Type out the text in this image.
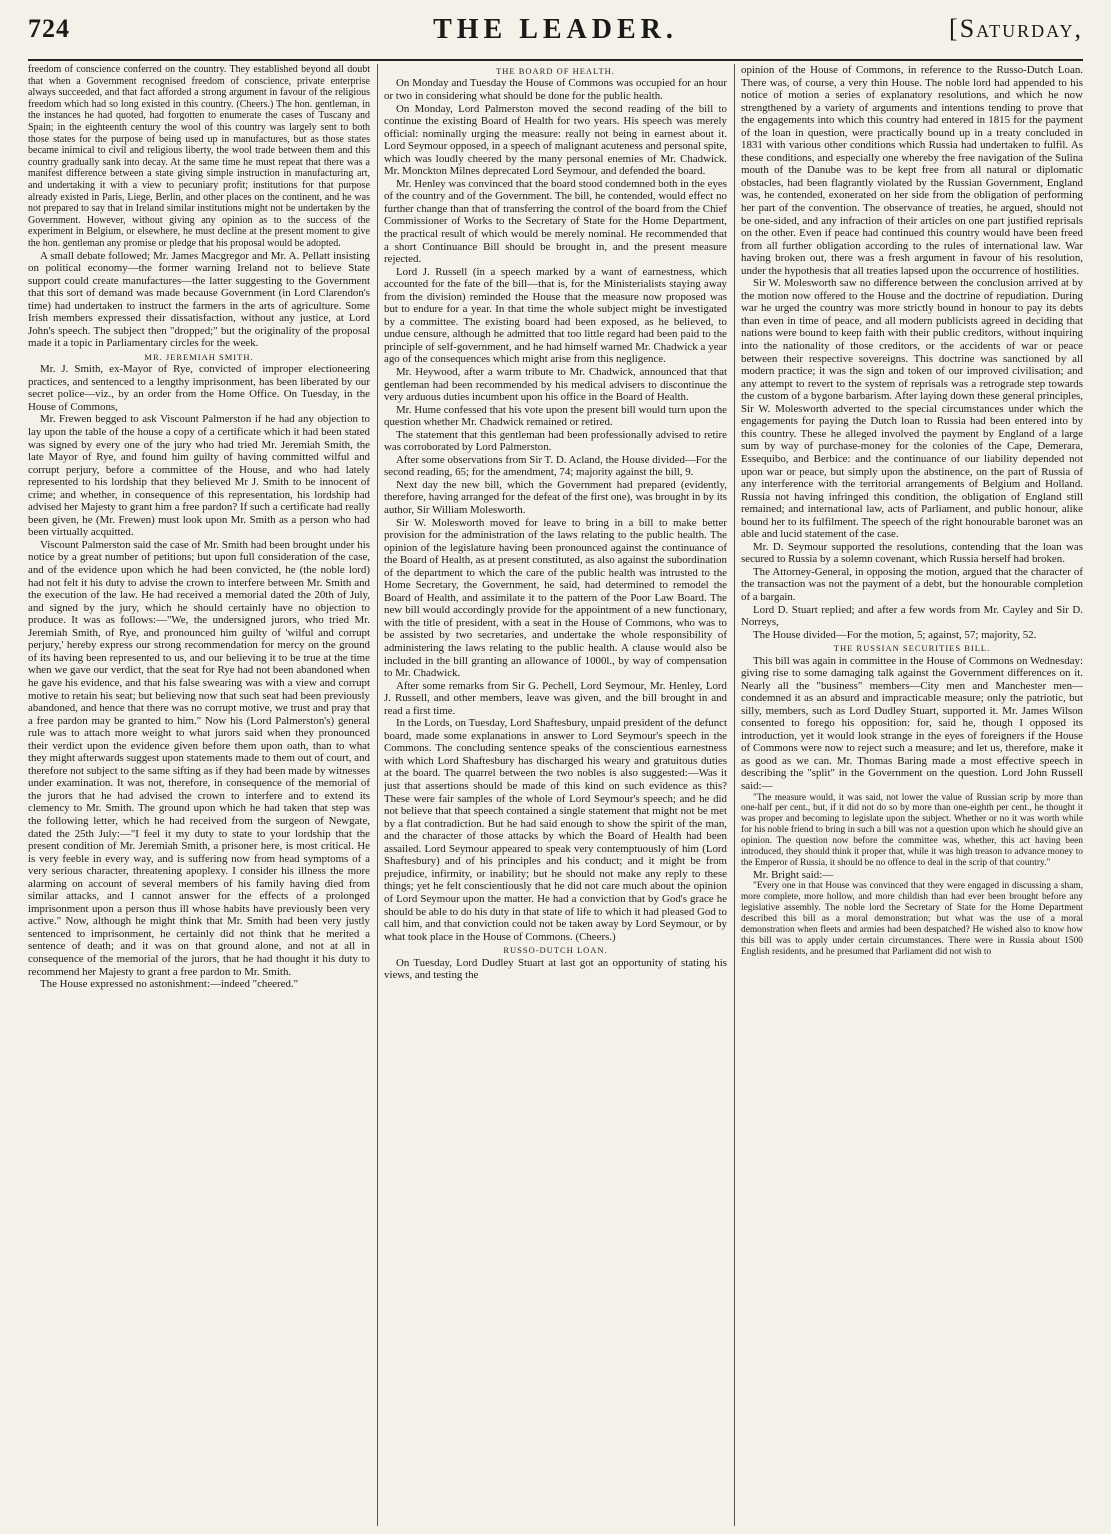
724	THE LEADER.	[Saturday,

freedom of conscience conferred on the country. They established beyond all doubt that when a Government recognised freedom of conscience, private enterprise always succeeded, and that fact afforded a strong argument in favour of the religious freedom which had so long existed in this country. (Cheers.) The hon. gentleman, in the instances he had quoted, had forgotten to enumerate the cases of Tuscany and Spain; in the eighteenth century the wool of this country was largely sent to both those states for the purpose of being used up in manufactures, but as those states became inimical to civil and religious liberty, the wool trade between them and this country gradually sank into decay. At the same time he must repeat that there was a manifest difference between a state giving simple instruction in manufacturing art, and undertaking it with a view to pecuniary profit; institutions for that purpose already existed in Paris, Liege, Berlin, and other places on the continent, and he was not prepared to say that in Ireland similar institutions might not be undertaken by the Government. However, without giving any opinion as to the success of the experiment in Belgium, or elsewhere, he must decline at the present moment to give the hon. gentleman any promise or pledge that his proposal would be adopted.

A small debate followed; Mr. James Macgregor and Mr. A. Pellatt insisting on political economy—the former warning Ireland not to believe State support could create manufactures—the latter suggesting to the Government that this sort of demand was made because Government (in Lord Clarendon's time) had undertaken to instruct the farmers in the arts of agriculture. Some Irish members expressed their dissatisfaction, without any justice, at Lord John's speech. The subject then "dropped;" but the originality of the proposal made it a topic in Parliamentary circles for the week.

MR. JEREMIAH SMITH.

Mr. J. Smith, ex-Mayor of Rye, convicted of improper electioneering practices, and sentenced to a lengthy imprisonment, has been liberated by our secret police—viz., by an order from the Home Office. On Tuesday, in the House of Commons,

Mr. Frewen begged to ask Viscount Palmerston if he had any objection to lay upon the table of the house a copy of a certificate which it had been stated was signed by every one of the jury who had tried Mr. Jeremiah Smith, the late Mayor of Rye, and found him guilty of having committed wilful and corrupt perjury, before a committee of the House, and who had lately represented to his lordship that they believed Mr J. Smith to be innocent of crime; and whether, in consequence of this representation, his lordship had advised her Majesty to grant him a free pardon? If such a certificate had really been given, he (Mr. Frewen) must look upon Mr. Smith as a person who had been virtually acquitted.

Viscount Palmerston said the case of Mr. Smith had been brought under his notice by a great number of petitions; but upon full consideration of the case, and of the evidence upon which he had been convicted, he (the noble lord) had not felt it his duty to advise the crown to interfere between Mr. Smith and the execution of the law. He had received a memorial dated the 20th of July, and signed by the jury, which he should certainly have no objection to produce. It was as follows:—"We, the undersigned jurors, who tried Mr. Jeremiah Smith, of Rye, and pronounced him guilty of 'wilful and corrupt perjury,' hereby express our strong recommendation for mercy on the ground of its having been represented to us, and our believing it to be true at the time when we gave our verdict, that the seat for Rye had not been abandoned when he gave his evidence, and that his false swearing was with a view and corrupt motive to retain his seat; but believing now that such seat had been previously abandoned, and hence that there was no corrupt motive, we trust and pray that a free pardon may be granted to him." Now his (Lord Palmerston's) general rule was to attach more weight to what jurors said when they pronounced their verdict upon the evidence given before them upon oath, than to what they might afterwards suggest upon statements made to them out of court, and therefore not subject to the same sifting as if they had been made by witnesses under examination. It was not, therefore, in consequence of the memorial of the jurors that he had advised the crown to interfere and to extend its clemency to Mr. Smith. The ground upon which he had taken that step was the following letter, which he had received from the surgeon of Newgate, dated the 25th July:—"I feel it my duty to state to your lordship that the present condition of Mr. Jeremiah Smith, a prisoner here, is most critical. He is very feeble in every way, and is suffering now from head symptoms of a very serious character, threatening apoplexy. I consider his illness the more alarming on account of several members of his family having died from similar attacks, and I cannot answer for the effects of a prolonged imprisonment upon a person thus ill whose habits have previously been very active." Now, although he might think that Mr. Smith had been very justly sentenced to imprisonment, he certainly did not think that he merited a sentence of death; and it was on that ground alone, and not at all in consequence of the memorial of the jurors, that he had thought it his duty to recommend her Majesty to grant a free pardon to Mr. Smith.

The House expressed no astonishment:—indeed "cheered."

THE BOARD OF HEALTH.

On Monday and Tuesday the House of Commons was occupied for an hour or two in considering what should be done for the public health.

On Monday, Lord Palmerston moved the second reading of the bill to continue the existing Board of Health for two years. His speech was merely official: nominally urging the measure: really not being in earnest about it. Lord Seymour opposed, in a speech of malignant acuteness and personal spite, which was loudly cheered by the many personal enemies of Mr. Chadwick. Mr. Monckton Milnes deprecated Lord Seymour, and defended the board.

Mr. Henley was convinced that the board stood condemned both in the eyes of the country and of the Government. The bill, he contended, would effect no further change than that of transferring the control of the board from the Chief Commissioner of Works to the Secretary of State for the Home Department, the practical result of which would be merely nominal. He recommended that a short Continuance Bill should be brought in, and the present measure rejected.

Lord J. Russell (in a speech marked by a want of earnestness, which accounted for the fate of the bill—that is, for the Ministerialists staying away from the division) reminded the House that the measure now proposed was but to endure for a year. In that time the whole subject might be investigated by a committee. The existing board had been exposed, as he believed, to undue censure, although he admitted that too little regard had been paid to the principle of self-government, and he had himself warned Mr. Chadwick a year ago of the consequences which might arise from this negligence.

Mr. Heywood, after a warm tribute to Mr. Chadwick, announced that that gentleman had been recommended by his medical advisers to discontinue the very arduous duties incumbent upon his office in the Board of Health.

Mr. Hume confessed that his vote upon the present bill would turn upon the question whether Mr. Chadwick remained or retired.

The statement that this gentleman had been professionally advised to retire was corroborated by Lord Palmerston.

After some observations from Sir T. D. Acland, the House divided—For the second reading, 65; for the amendment, 74; majority against the bill, 9.

Next day the new bill, which the Government had prepared (evidently, therefore, having arranged for the defeat of the first one), was brought in by its author, Sir William Molesworth.

Sir W. Molesworth moved for leave to bring in a bill to make better provision for the administration of the laws relating to the public health. The opinion of the legislature having been pronounced against the continuance of the Board of Health, as at present constituted, as also against the subordination of the department to which the care of the public health was intrusted to the Home Secretary, the Government, he said, had determined to remodel the Board of Health, and assimilate it to the pattern of the Poor Law Board. The new bill would accordingly provide for the appointment of a new functionary, with the title of president, with a seat in the House of Commons, who was to be assisted by two secretaries, and undertake the whole responsibility of administering the laws relating to the public health. A clause would also be included in the bill granting an allowance of 1000l., by way of compensation to Mr. Chadwick.

After some remarks from Sir G. Pechell, Lord Seymour, Mr. Henley, Lord J. Russell, and other members, leave was given, and the bill brought in and read a first time.

In the Lords, on Tuesday, Lord Shaftesbury, unpaid president of the defunct board, made some explanations in answer to Lord Seymour's speech in the Commons. The concluding sentence speaks of the conscientious earnestness with which Lord Shaftesbury has discharged his weary and gratuitous duties at the board. The quarrel between the two nobles is also suggested:—Was it just that assertions should be made of this kind on such evidence as this? These were fair samples of the whole of Lord Seymour's speech; and he did not believe that that speech contained a single statement that might not be met by a flat contradiction. But he had said enough to show the spirit of the man, and the character of those attacks by which the Board of Health had been assailed. Lord Seymour appeared to speak very contemptuously of him (Lord Shaftesbury) and of his principles and his conduct; and it might be from prejudice, infirmity, or inability; but he should not make any reply to these things; yet he felt conscientiously that he did not care much about the opinion of Lord Seymour upon the matter. He had a conviction that by God's grace he should be able to do his duty in that state of life to which it had pleased God to call him, and that conviction could not be taken away by Lord Seymour, or by what took place in the House of Commons. (Cheers.)

RUSSO-DUTCH LOAN.

On Tuesday, Lord Dudley Stuart at last got an opportunity of stating his views, and testing the

opinion of the House of Commons, in reference to the Russo-Dutch Loan. There was, of course, a very thin House. The noble lord had appended to his notice of motion a series of explanatory resolutions, and which he now strengthened by a variety of arguments and intentions tending to prove that the engagements into which this country had entered in 1815 for the payment of the loan in question, were practically bound up in a treaty concluded in 1831 with various other conditions which Russia had undertaken to fulfil. As these conditions, and especially one whereby the free navigation of the Sulina mouth of the Danube was to be kept free from all natural or diplomatic obstacles, had been flagrantly violated by the Russian Government, England was, he contended, exonerated on her side from the obligation of performing her part of the convention. The observance of treaties, he argued, should not be one-sided, and any infraction of their articles on one part justified reprisals on the other. Even if peace had continued this country would have been freed from all further obligation according to the rules of international law. War having broken out, there was a fresh argument in favour of his resolution, under the hypothesis that all treaties lapsed upon the occurrence of hostilities.

Sir W. Molesworth saw no difference between the conclusion arrived at by the motion now offered to the House and the doctrine of repudiation. During war he urged the country was more strictly bound in honour to pay its debts than even in time of peace, and all modern publicists agreed in deciding that nations were bound to keep faith with their public creditors, without inquiring into the nationality of those creditors, or the accidents of war or peace between their respective sovereigns. This doctrine was sanctioned by all modern practice; it was the sign and token of our improved civilisation; and any attempt to revert to the system of reprisals was a retrograde step towards the custom of a bygone barbarism. After laying down these general principles, Sir W. Molesworth adverted to the special circumstances under which the engagements for paying the Dutch loan to Russia had been entered into by this country. These he alleged involved the payment by England of a large sum by way of purchase-money for the colonies of the Cape, Demerara, Essequibo, and Berbice: and the continuance of our liability depended not upon war or peace, but simply upon the abstinence, on the part of Russia of any interference with the territorial arrangements of Belgium and Holland. Russia not having infringed this condition, the obligation of England still remained; and international law, acts of Parliament, and public honour, alike bound her to its fulfilment. The speech of the right honourable baronet was an able and lucid statement of the case.

Mr. D. Seymour supported the resolutions, contending that the loan was secured to Russia by a solemn covenant, which Russia herself had broken.

The Attorney-General, in opposing the motion, argued that the character of the transaction was not the payment of a debt, but the honourable completion of a bargain.

Lord D. Stuart replied; and after a few words from Mr. Cayley and Sir D. Norreys,

The House divided—For the motion, 5; against, 57; majority, 52.

THE RUSSIAN SECURITIES BILL.

This bill was again in committee in the House of Commons on Wednesday: giving rise to some damaging talk against the Government differences on it. Nearly all the "business" members—City men and Manchester men—condemned it as an absurd and impracticable measure; only the patriotic, but silly, members, such as Lord Dudley Stuart, supported it. Mr. James Wilson consented to forego his opposition: for, said he, though I opposed its introduction, yet it would look strange in the eyes of foreigners if the House of Commons were now to reject such a measure; and let us, therefore, make it as good as we can. Mr. Thomas Baring made a most effective speech in describing the "split" in the Government on the question. Lord John Russell said:—

"The measure would, it was said, not lower the value of Russian scrip by more than one-half per cent., but, if it did not do so by more than one-eighth per cent., he thought it was proper and becoming to legislate upon the subject. Whether or no it was worth while for his noble friend to bring in such a bill was not a question upon which he should give an opinion. The question now before the committee was, whether, this act having been introduced, they should think it proper that, while it was high treason to advance money to the Emperor of Russia, it should be no offence to deal in the scrip of that country."

Mr. Bright said:—

"Every one in that House was convinced that they were engaged in discussing a sham, more complete, more hollow, and more childish than had ever been brought before any legislative assembly. The noble lord the Secretary of State for the Home Department described this bill as a moral demonstration; but what was the use of a moral demonstration when fleets and armies had been despatched? He wished also to know how this bill was to apply under certain circumstances. There were in Russia about 1500 English residents, and he presumed that Parliament did not wish to
